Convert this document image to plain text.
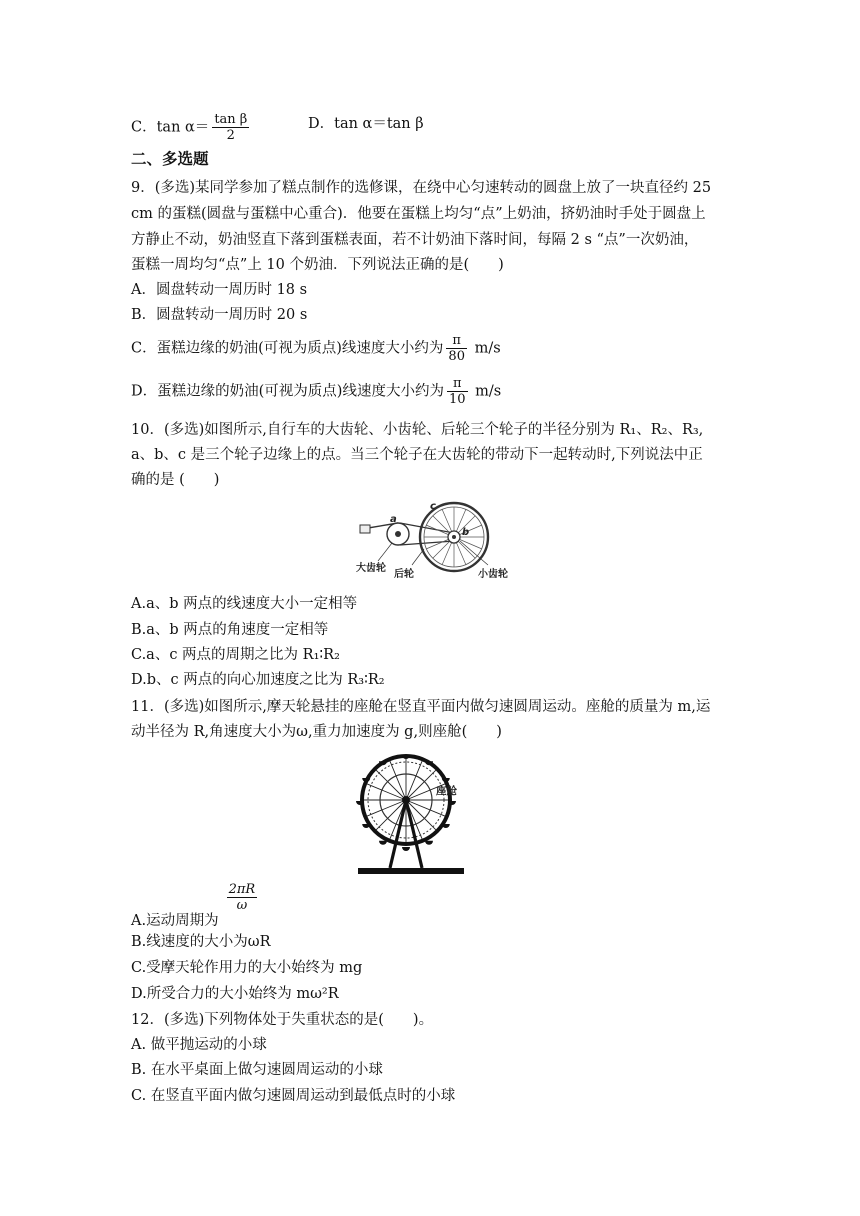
C．$\tan \alpha= \frac{\text{tan β}}{2}$	D．tan α＝tan β
二、多选题
9．(多选)某同学参加了糕点制作的选修课，在绕中心匀速转动的圆盘上放了一块直径约 25
cm 的蛋糕(圆盘与蛋糕中心重合)．他要在蛋糕上均匀“点”上奶油，挤奶油时手处于圆盘上
方静止不动，奶油竖直下落到蛋糕表面，若不计奶油下落时间，每隔 2 s “点”一次奶油，
蛋糕一周均匀“点”上 10 个奶油．下列说法正确的是(　　)
A．圆盘转动一周历时 18 s
B．圆盘转动一周历时 20 s
C．蛋糕边缘的奶油(可视为质点)线速度大小约为 $\frac{\pi}{80} m/s$
D．蛋糕边缘的奶油(可视为质点)线速度大小约为 $\frac{\pi}{10} m/s$
10．(多选)如图所示,自行车的大齿轮、小齿轮、后轮三个轮子的半径分别为 R₁、R₂、R₃,
a、b、c 是三个轮子边缘上的点。当三个轮子在大齿轮的带动下一起转动时,下列说法中正
确的是 (　　)
a
c
b
大齿轮
后轮	小齿轮
A.a、b 两点的线速度大小一定相等
B.a、b 两点的角速度一定相等
C.a、c 两点的周期之比为 R₁∶R₂
D.b、c 两点的向心加速度之比为 R₃∶R₂
11．(多选)如图所示,摩天轮悬挂的座舱在竖直平面内做匀速圆周运动。座舱的质量为 m,运
动半径为 R,角速度大小为ω,重力加速度为 g,则座舱(　　)
座舱
A.运动周期为
$\frac{2\pi R}{\omega}$
B.线速度的大小为ωR
C.受摩天轮作用力的大小始终为 mg
D.所受合力的大小始终为 mω²R
12．(多选)下列物体处于失重状态的是(　　)。
A. 做平抛运动的小球
B. 在水平桌面上做匀速圆周运动的小球
C. 在竖直平面内做匀速圆周运动到最低点时的小球
